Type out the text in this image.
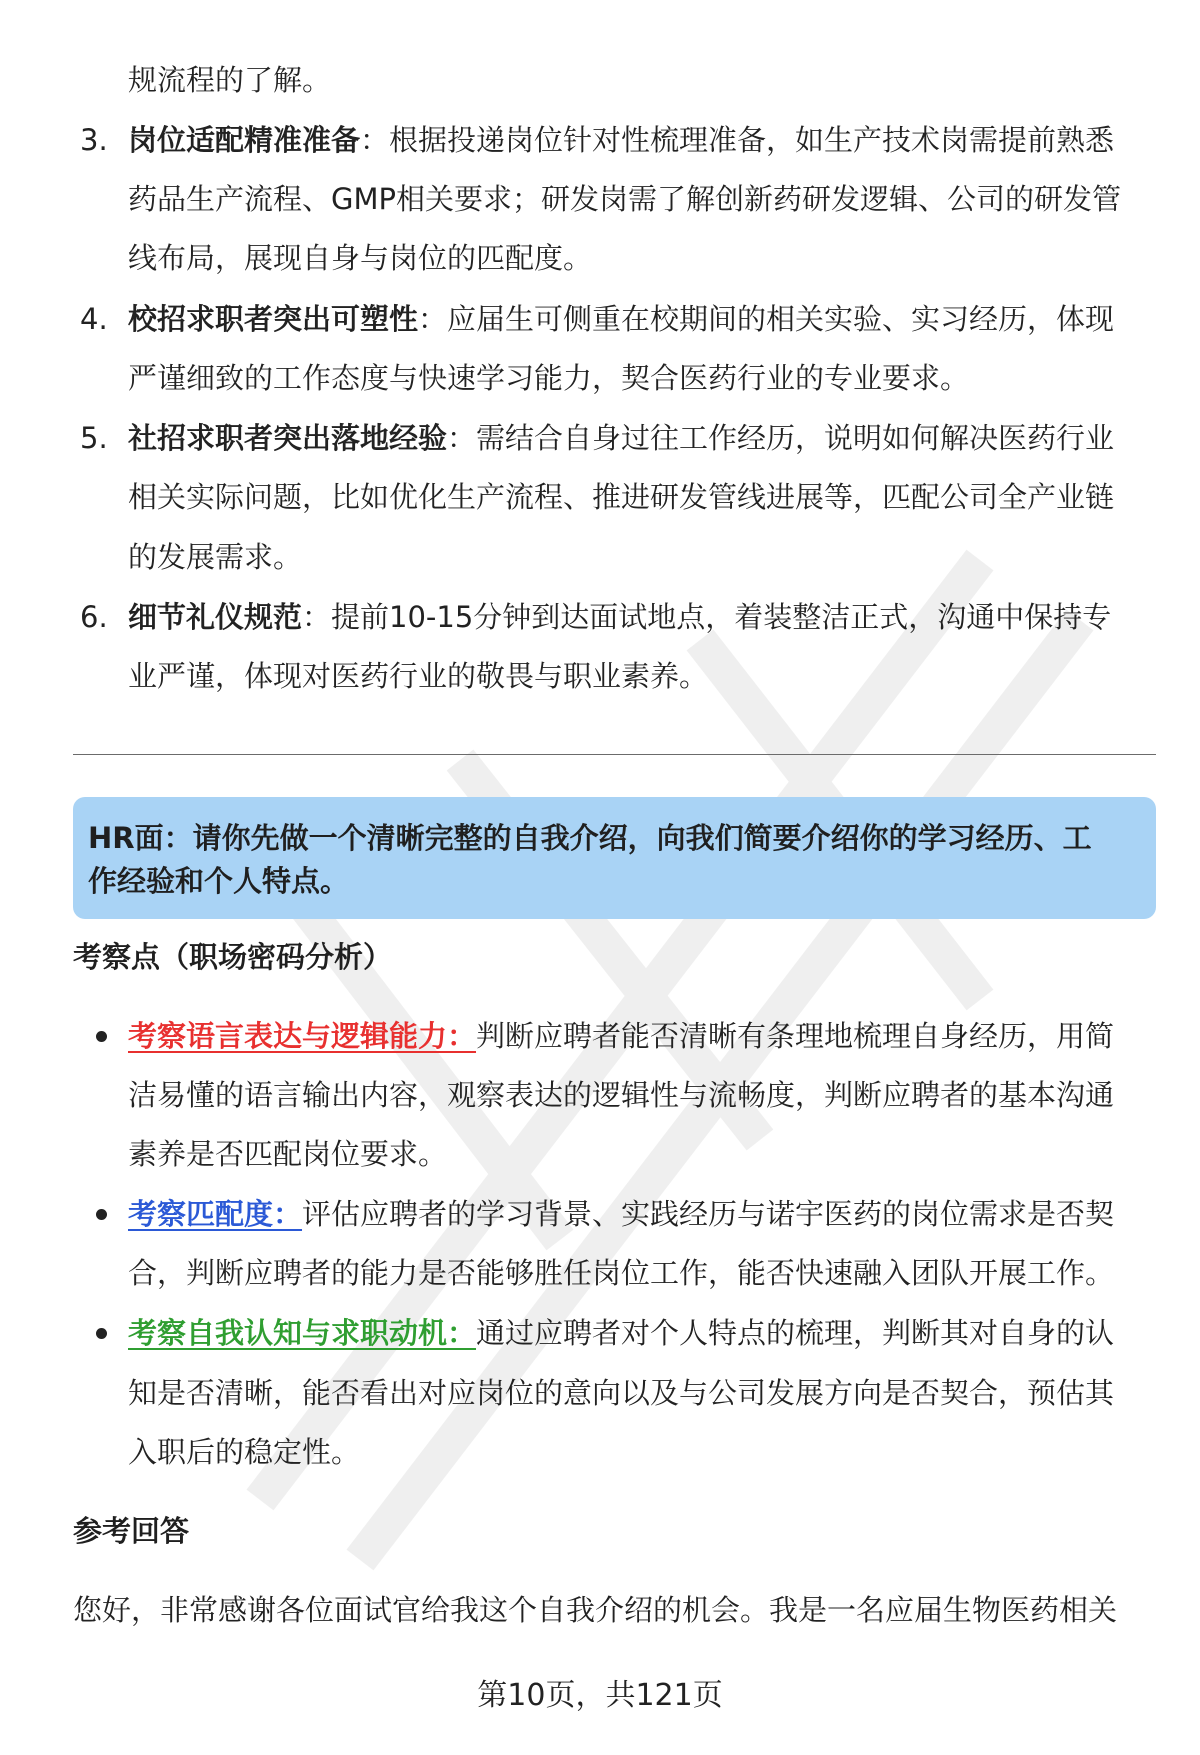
规流程的了解。
3. 岗位适配精准准备：根据投递岗位针对性梳理准备，如生产技术岗需提前熟悉
药品生产流程、GMP相关要求；研发岗需了解创新药研发逻辑、公司的研发管
线布局，展现自身与岗位的匹配度。
4. 校招求职者突出可塑性：应届生可侧重在校期间的相关实验、实习经历，体现
严谨细致的工作态度与快速学习能力，契合医药行业的专业要求。
5. 社招求职者突出落地经验：需结合自身过往工作经历，说明如何解决医药行业
相关实际问题，比如优化生产流程、推进研发管线进展等，匹配公司全产业链
的发展需求。
6. 细节礼仪规范：提前10-15分钟到达面试地点，着装整洁正式，沟通中保持专
业严谨，体现对医药行业的敬畏与职业素养。
HR面：请你先做一个清晰完整的自我介绍，向我们简要介绍你的学习经历、工
作经验和个人特点。
考察点（职场密码分析）
考察语言表达与逻辑能力：判断应聘者能否清晰有条理地梳理自身经历，用简
洁易懂的语言输出内容，观察表达的逻辑性与流畅度，判断应聘者的基本沟通
素养是否匹配岗位要求。
考察匹配度：评估应聘者的学习背景、实践经历与诺宇医药的岗位需求是否契
合，判断应聘者的能力是否能够胜任岗位工作，能否快速融入团队开展工作。
考察自我认知与求职动机：通过应聘者对个人特点的梳理，判断其对自身的认
知是否清晰，能否看出对应岗位的意向以及与公司发展方向是否契合，预估其
入职后的稳定性。
参考回答
您好，非常感谢各位面试官给我这个自我介绍的机会。我是一名应届生物医药相关
第10页，共121页
